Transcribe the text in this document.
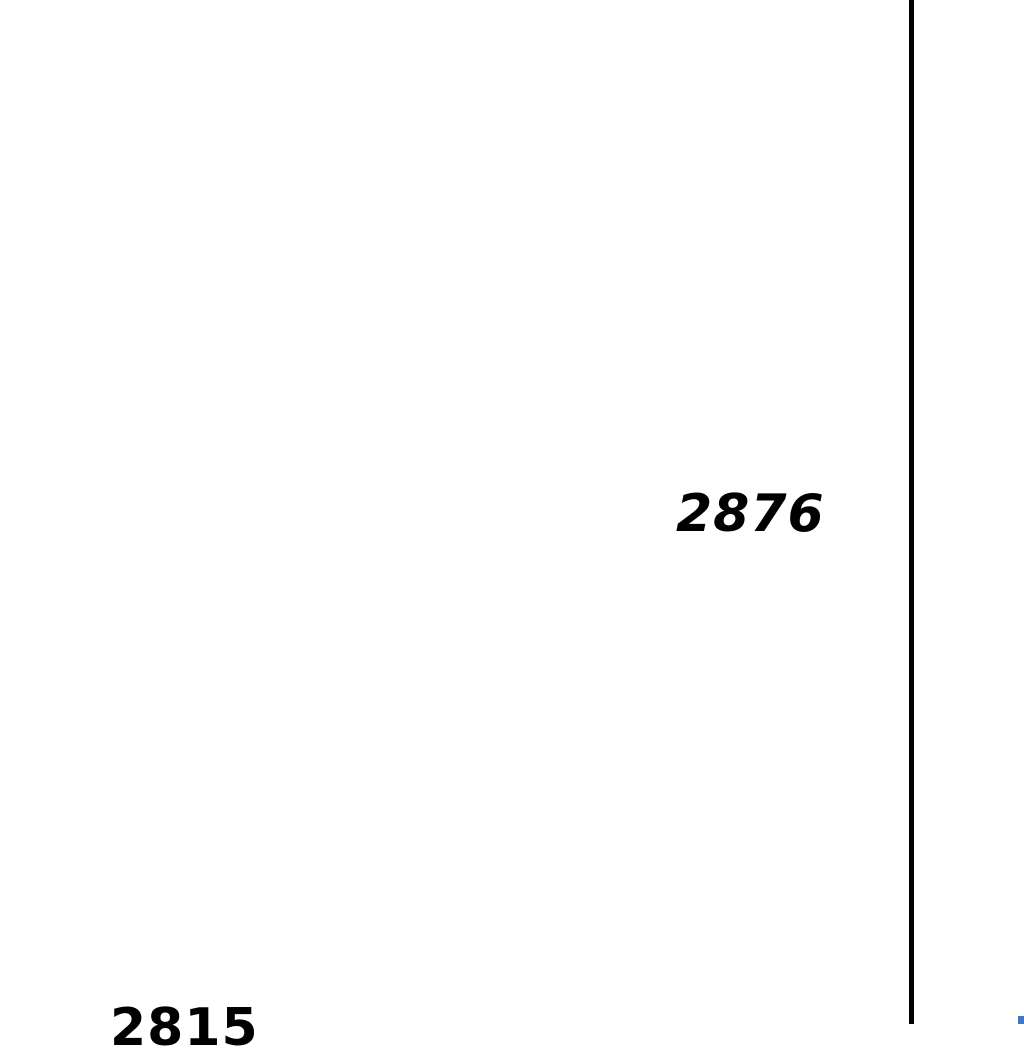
2876
2815
